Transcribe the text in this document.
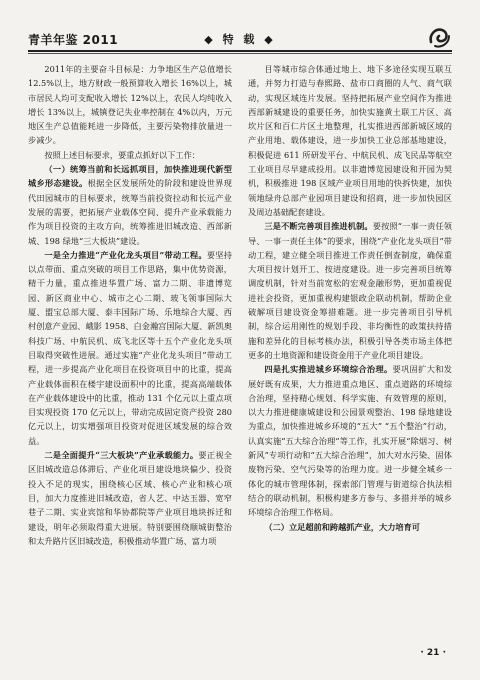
青羊年鉴 2011	◆ 特 载 ◆

2011年的主要奋斗目标是：力争地区生产总值增长 12.5%以上，地方财政一般预算收入增长 16%以上，城市居民人均可支配收入增长 12%以上，农民人均纯收入增长 13%以上，城镇登记失业率控制在 4%以内，万元地区生产总值能耗进一步降低，主要污染物排放量进一步减少。

按照上述目标要求，要重点抓好以下工作：

（一）统筹当前和长远抓项目，加快推进现代新型城乡形态建设。根据全区发展所处的阶段和建设世界现代田园城市的目标要求，统筹当前投资拉动和长远产业发展的需要，把拓展产业载体空间、提升产业承载能力作为项目投资的主攻方向，统筹推进旧城改造、西部新城、198 绿地“三大板块”建设。

一是全力推进“产业化龙头项目”带动工程。要坚持以点带面、重点突破的项目工作思路，集中优势资源，精干力量，重点推进华置广场、富力二期、非遗博览园、新区商业中心、城市之心二期、玻飞领事国际大厦、盟宝总部大厦、泰丰国际广场、乐地综合大厦、西村创意产业园、峨影 1958、白金瀚宫国际大厦、新凯奥科技广场、中航民机、成飞北区等十五个产业化龙头项目取得突破性进展。通过实施“产业化龙头项目”带动工程，进一步提高产业化项目在投资项目中的比重，提高产业载体面积在楼宇建设面积中的比重，提高高端载体在产业载体建设中的比重，推动 131 个亿元以上重点项目实现投资 170 亿元以上，带动完成固定资产投资 280 亿元以上，切实增强项目投资对促进区域发展的综合效益。

二是全面提升“三大板块”产业承载能力。要正视全区旧城改造总体滞后、产业化项目建设地块偏少、投资投入不足的现实，围绕核心区域、核心产业和核心项目，加大力度推进旧城改造，省人艺、中达玉器、宽窄巷子二期、实业宾馆和华协都院等产业项目地块拆迁和建设，明年必须取得重大进展。特别要围绕顺城街整治和太升路片区旧城改造，积极推动华置广场、富力项

目等城市综合体通过地上、地下多途径实现互联互通，并努力打造与春熙路、盐市口商圈的人气、商气联动，实现区域连片发展。坚持把拓展产业空间作为推进西部新城建设的重要任务，加快实施黄土联工片区、高坎片区和百仁片区土地整理，扎实推进西部新城区域的产业用地、载体建设，进一步加快工业总部基地建设，积极促进 611 所研发平台、中航民机、成飞民品等航空工业项目尽早建成投用。以非遗博览园建设和开园为契机，积极推进 198 区域产业项目用地的快拆快建，加快领地绿舟总部产业园项目建设和招商，进一步加快园区及周边基础配套建设。

三是不断完善项目推进机制。要按照“一事一责任领导、一事一责任主体”的要求，围绕“产业化龙头项目”带动工程，建立健全项目推进工作责任倒查制度，确保重大项目按计划开工、按进度建设。进一步完善项目统筹调度机制，针对当前宽松的宏观金融形势，更加重视促进社会投资，更加重视构建银政企联动机制，帮助企业破解项目建设资金筹措难题。进一步完善项目引导机制，综合运用刚性的规划手段、非均衡性的政策扶持措施和差异化的目标考核办法，积极引导各类市场主体把更多的土地资源和建设资金用于产业化项目建设。

四是扎实推进城乡环境综合治理。要巩固扩大和发展好既有成果，大力推进重点地区、重点道路的环境综合治理，坚持精心规划、科学实施、有效管理的原则，以大力推进健康城建设和公园景观整治、198 绿地建设为重点，加快推进城乡环境的“五大” “五个整治”行动，认真实施“五大综合治理”等工作，扎实开展“除烟习、树新风”专项行动和“五大综合治理”，加大对水污染、固体废物污染、空气污染等的治理力度。进一步健全城乡一体化的城市管理体制，探索部门管理与街道综合执法相结合的联动机制，积极构建多方参与、多措并举的城乡环境综合治理工作格局。

（二）立足超前和跨越抓产业，大力培育可

· 21 ·
